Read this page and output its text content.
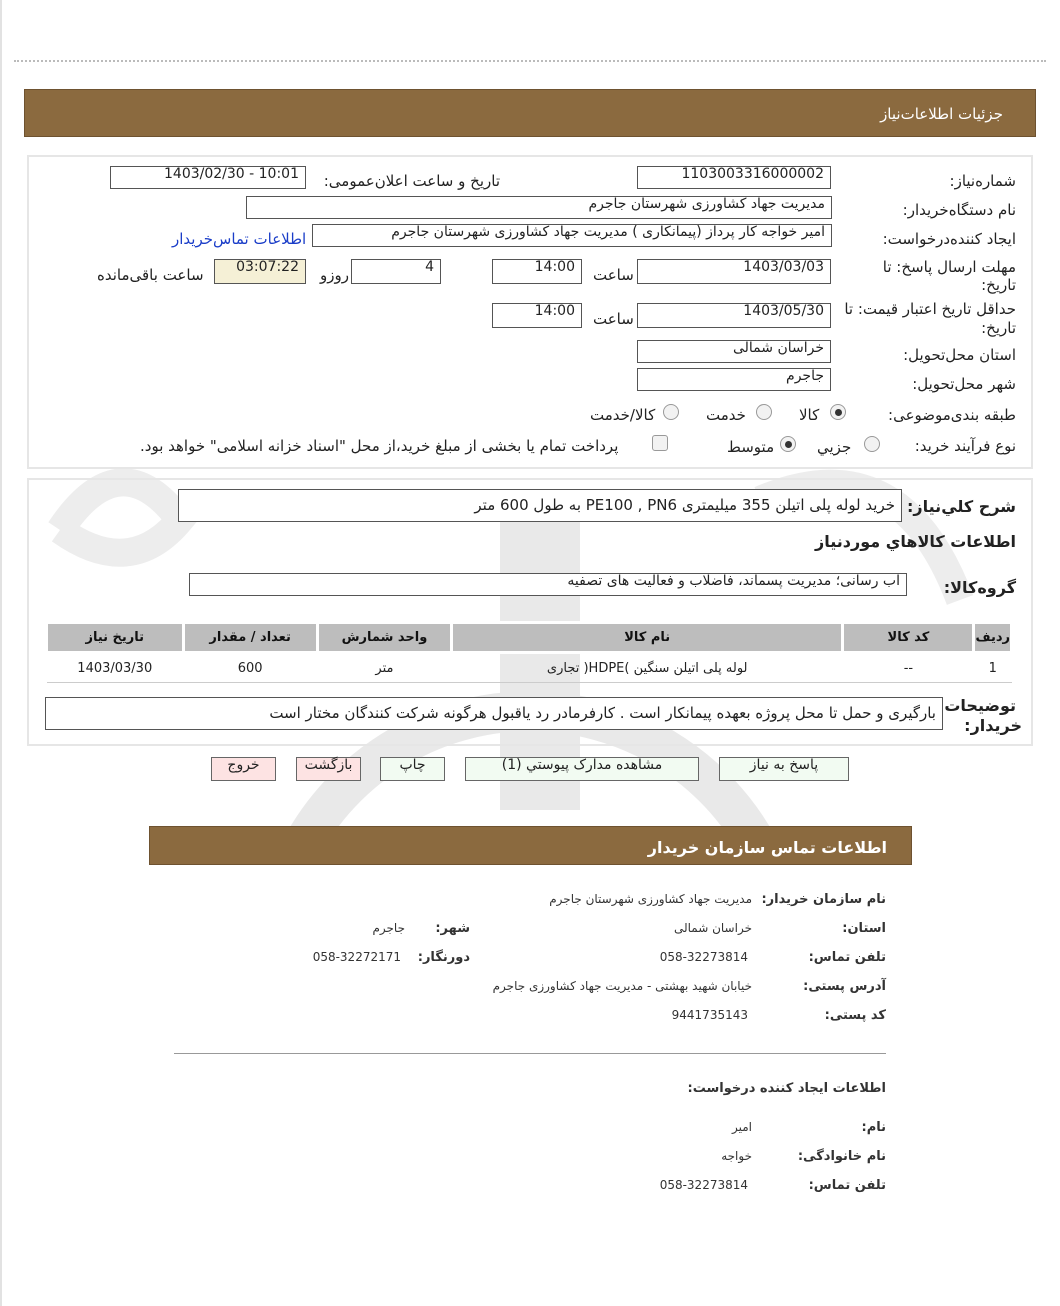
جزئیات اطلاعات‌نیاز
شماره‌نیاز:
1103003316000002
تاریخ و ساعت اعلان‌عمومی:
1403/02/30 - 10:01
نام دستگاه‌خریدار:
مدیریت جهاد کشاورزی شهرستان جاجرم
ایجاد کننده‌درخواست:
امیر خواجه کار پرداز (پیمانکاری ) مدیریت جهاد کشاورزی شهرستان جاجرم
اطلاعات تماس‌خریدار
مهلت ارسال پاسخ: تا
تاریخ:
1403/03/03
ساعت
14:00
4
روزو
03:07:22
ساعت باقی‌مانده
حداقل تاریخ اعتبار قیمت: تا
تاریخ:
1403/05/30
ساعت
14:00
استان محل‌تحویل:
خراسان شمالی
شهر محل‌تحویل:
جاجرم
طبقه بندی‌موضوعی:
کالا
خدمت
کالا/خدمت
نوع فرآیند خرید:
جزیي
متوسط
پرداخت تمام یا بخشی از مبلغ خرید،از محل "اسناد خزانه اسلامی" خواهد بود.
شرح کلي‌نیاز:
خرید لوله پلی اتیلن 355 میلیمتری PE100 , PN6 به طول 600 متر
اطلاعات کالاهاي موردنیاز
گروه‌کالا:
آب رسانی؛ مدیریت پسماند، فاضلاب و فعالیت های تصفیه
ردیف	کد کالا	نام کالا	واحد شمارش	تعداد / مقدار	تاریخ نیاز
1	--	لوله پلی اتیلن سنگین )HDPE( تجاری	متر	600	1403/03/30
توضیحات
خریدار:
بارگیری و حمل تا محل پروژه بعهده پیمانکار است . کارفرمادر رد یاقبول هرگونه شرکت کنندگان مختار است
پاسخ به نیاز
مشاهده مدارک پیوستي (1)
چاپ
بازگشت
خروج
اطلاعات تماس سازمان خریدار
نام سازمان خریدار:
مدیریت جهاد کشاورزی شهرستان جاجرم
استان:
خراسان شمالی
شهر:
جاجرم
تلفن تماس:
058-32273814
دورنگار:
058-32272171
آدرس پستی:
خیابان شهید بهشتی - مدیریت جهاد کشاورزی جاجرم
کد پستی:
9441735143
اطلاعات ایجاد کننده درخواست:
نام:
امیر
نام خانوادگی:
خواجه
تلفن تماس:
058-32273814
